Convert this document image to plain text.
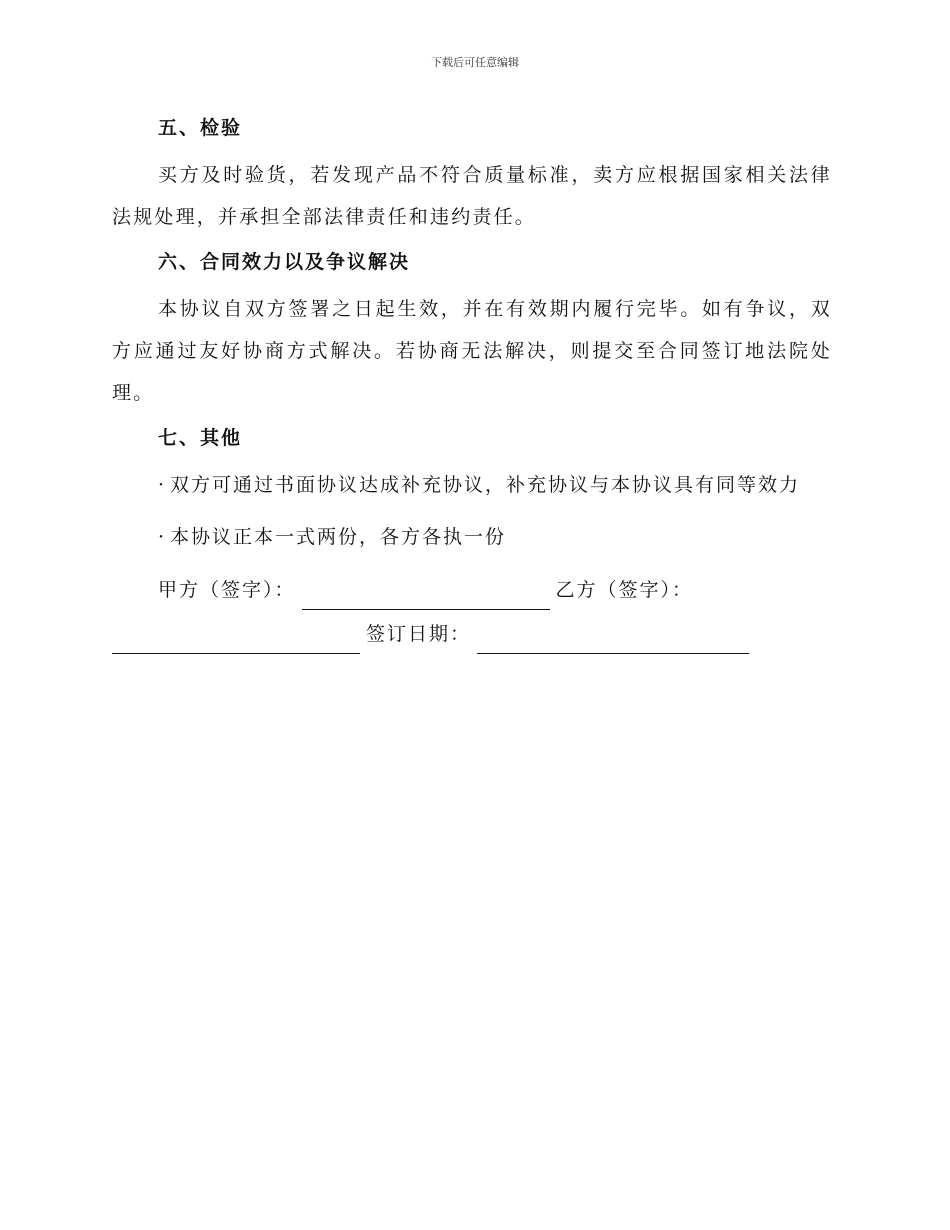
下载后可任意编辑
五、检验

买方及时验货，若发现产品不符合质量标准，卖方应根据国家相关法律法规处理，并承担全部法律责任和违约责任。

六、合同效力以及争议解决

本协议自双方签署之日起生效，并在有效期内履行完毕。如有争议，双方应通过友好协商方式解决。若协商无法解决，则提交至合同签订地法院处理。

七、其他
· 双方可通过书面协议达成补充协议，补充协议与本协议具有同等效力
· 本协议正本一式两份，各方各执一份
甲方（签字）：	乙方（签字）：
签订日期：
